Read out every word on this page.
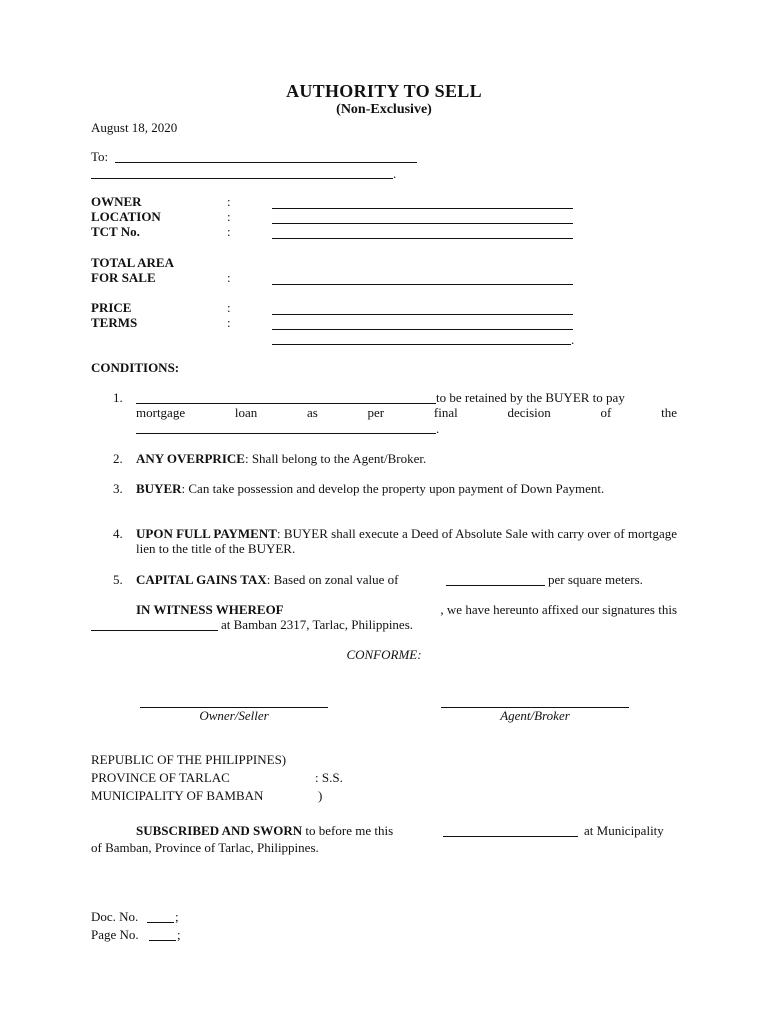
AUTHORITY TO SELL
(Non-Exclusive)
August 18, 2020
To:
.
OWNER	:
LOCATION	:
TCT No.	:
TOTAL AREA
FOR SALE	:
PRICE	:
TERMS	:
.
CONDITIONS:
1.	to be retained by the BUYER to pay
mortgage	loan	as	per	final	decision	of	the
.
2. ANY OVERPRICE: Shall belong to the Agent/Broker.
3. BUYER: Can take possession and develop the property upon payment of Down Payment.
4. UPON FULL PAYMENT: BUYER shall execute a Deed of Absolute Sale with carry over of mortgage lien to the title of the BUYER.
5. CAPITAL GAINS TAX: Based on zonal value of	per square meters.
IN WITNESS WHEREOF	, we have hereunto affixed our signatures this
at Bamban 2317, Tarlac, Philippines.
CONFORME:
Owner/Seller	Agent/Broker
REPUBLIC OF THE PHILIPPINES)
PROVINCE OF TARLAC	: S.S.
MUNICIPALITY OF BAMBAN	)
SUBSCRIBED AND SWORN to before me this	at Municipality
of Bamban, Province of Tarlac, Philippines.
Doc. No.	;
Page No.	;
